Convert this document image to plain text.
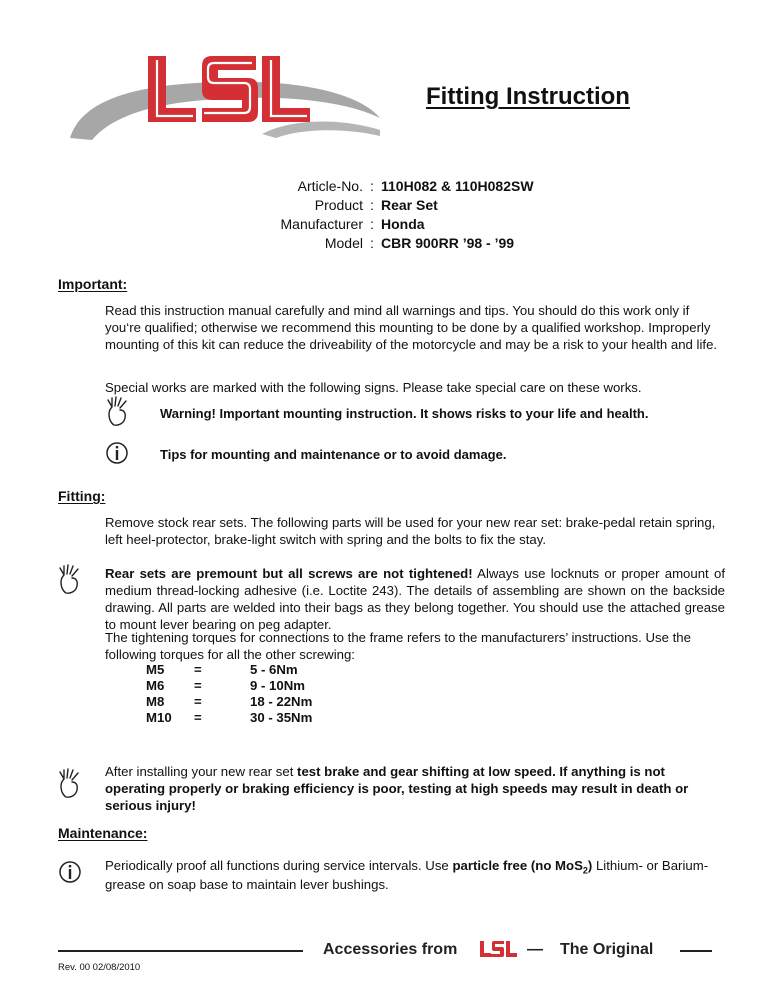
Fitting Instruction
Article-No. : 110H082 & 110H082SW
Product : Rear Set
Manufacturer : Honda
Model : CBR 900RR ’98 - ’99
Important:
Read this instruction manual carefully and mind all warnings and tips. You should do this work only if you‘re qualified; otherwise we recommend this mounting to be done by a qualified workshop. Improperly mounting of this kit can reduce the driveability of the motorcycle and may be a risk to your health and life.
Special works are marked with the following signs. Please take special care on these works.
Warning! Important mounting instruction. It shows risks to your life and health.
Tips for mounting and maintenance or to avoid damage.
Fitting:
Remove stock rear sets. The following parts will be used for your new rear set: brake-pedal retain spring, left heel-protector, brake-light switch with spring and the bolts to fix the stay.
Rear sets are premount but all screws are not tightened! Always use locknuts or proper amount of medium thread-locking adhesive (i.e. Loctite 243). The details of assembling are shown on the backside drawing. All parts are welded into their bags as they belong together. You should use the attached grease to mount lever bearing on peg adapter.
The tightening torques for connections to the frame refers to the manufacturers’ instructions. Use the following torques for all the other screwing:
M5	=	5 - 6Nm
M6	=	9 - 10Nm
M8	=	18 - 22Nm
M10	=	30 - 35Nm
After installing your new rear set test brake and gear shifting at low speed. If anything is not operating properly or braking efficiency is poor, testing at high speeds may result in death or serious injury!
Maintenance:
Periodically proof all functions during service intervals. Use particle free (no MoS$_2$) Lithium- or Barium-grease on soap base to maintain lever bushings.
Accessories from	— The Original
Rev. 00 02/08/2010
